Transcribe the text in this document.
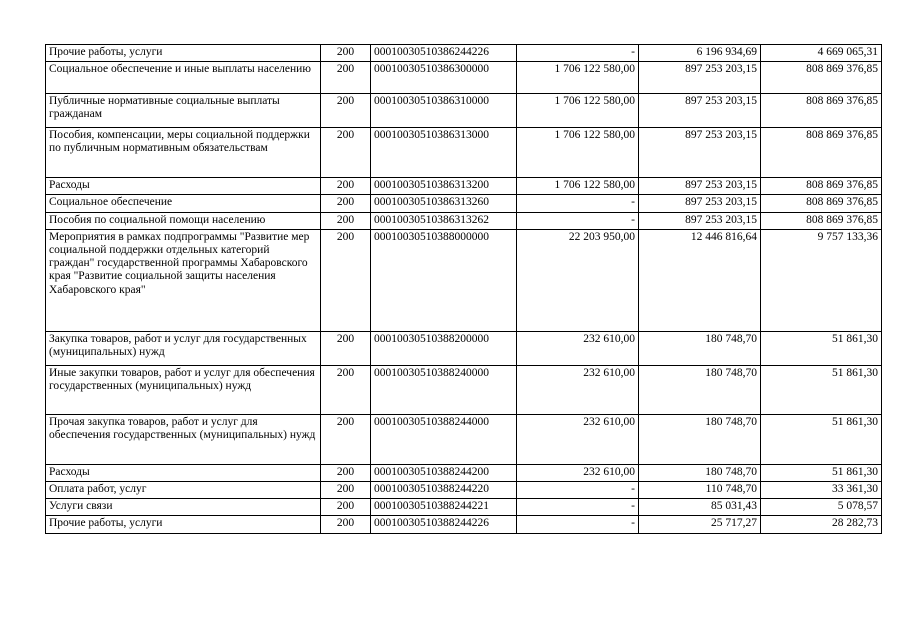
Прочие работы, услуги	200	00010030510386244226	-	6 196 934,69	4 669 065,31
Социальное обеспечение и иные выплаты населению	200	00010030510386300000	1 706 122 580,00	897 253 203,15	808 869 376,85
Публичные нормативные социальные выплаты гражданам	200	00010030510386310000	1 706 122 580,00	897 253 203,15	808 869 376,85
Пособия, компенсации, меры социальной поддержки по публичным нормативным обязательствам	200	00010030510386313000	1 706 122 580,00	897 253 203,15	808 869 376,85
Расходы	200	00010030510386313200	1 706 122 580,00	897 253 203,15	808 869 376,85
Социальное обеспечение	200	00010030510386313260	-	897 253 203,15	808 869 376,85
Пособия по социальной помощи населению	200	00010030510386313262	-	897 253 203,15	808 869 376,85
Мероприятия в рамках подпрограммы "Развитие мер социальной поддержки отдельных категорий граждан" государственной программы Хабаровского края "Развитие социальной защиты населения Хабаровского края"	200	00010030510388000000	22 203 950,00	12 446 816,64	9 757 133,36
Закупка товаров, работ и услуг для государственных (муниципальных) нужд	200	00010030510388200000	232 610,00	180 748,70	51 861,30
Иные закупки товаров, работ и услуг для обеспечения государственных (муниципальных) нужд	200	00010030510388240000	232 610,00	180 748,70	51 861,30
Прочая закупка товаров, работ и услуг для обеспечения государственных (муниципальных) нужд	200	00010030510388244000	232 610,00	180 748,70	51 861,30
Расходы	200	00010030510388244200	232 610,00	180 748,70	51 861,30
Оплата работ, услуг	200	00010030510388244220	-	110 748,70	33 361,30
Услуги связи	200	00010030510388244221	-	85 031,43	5 078,57
Прочие работы, услуги	200	00010030510388244226	-	25 717,27	28 282,73
